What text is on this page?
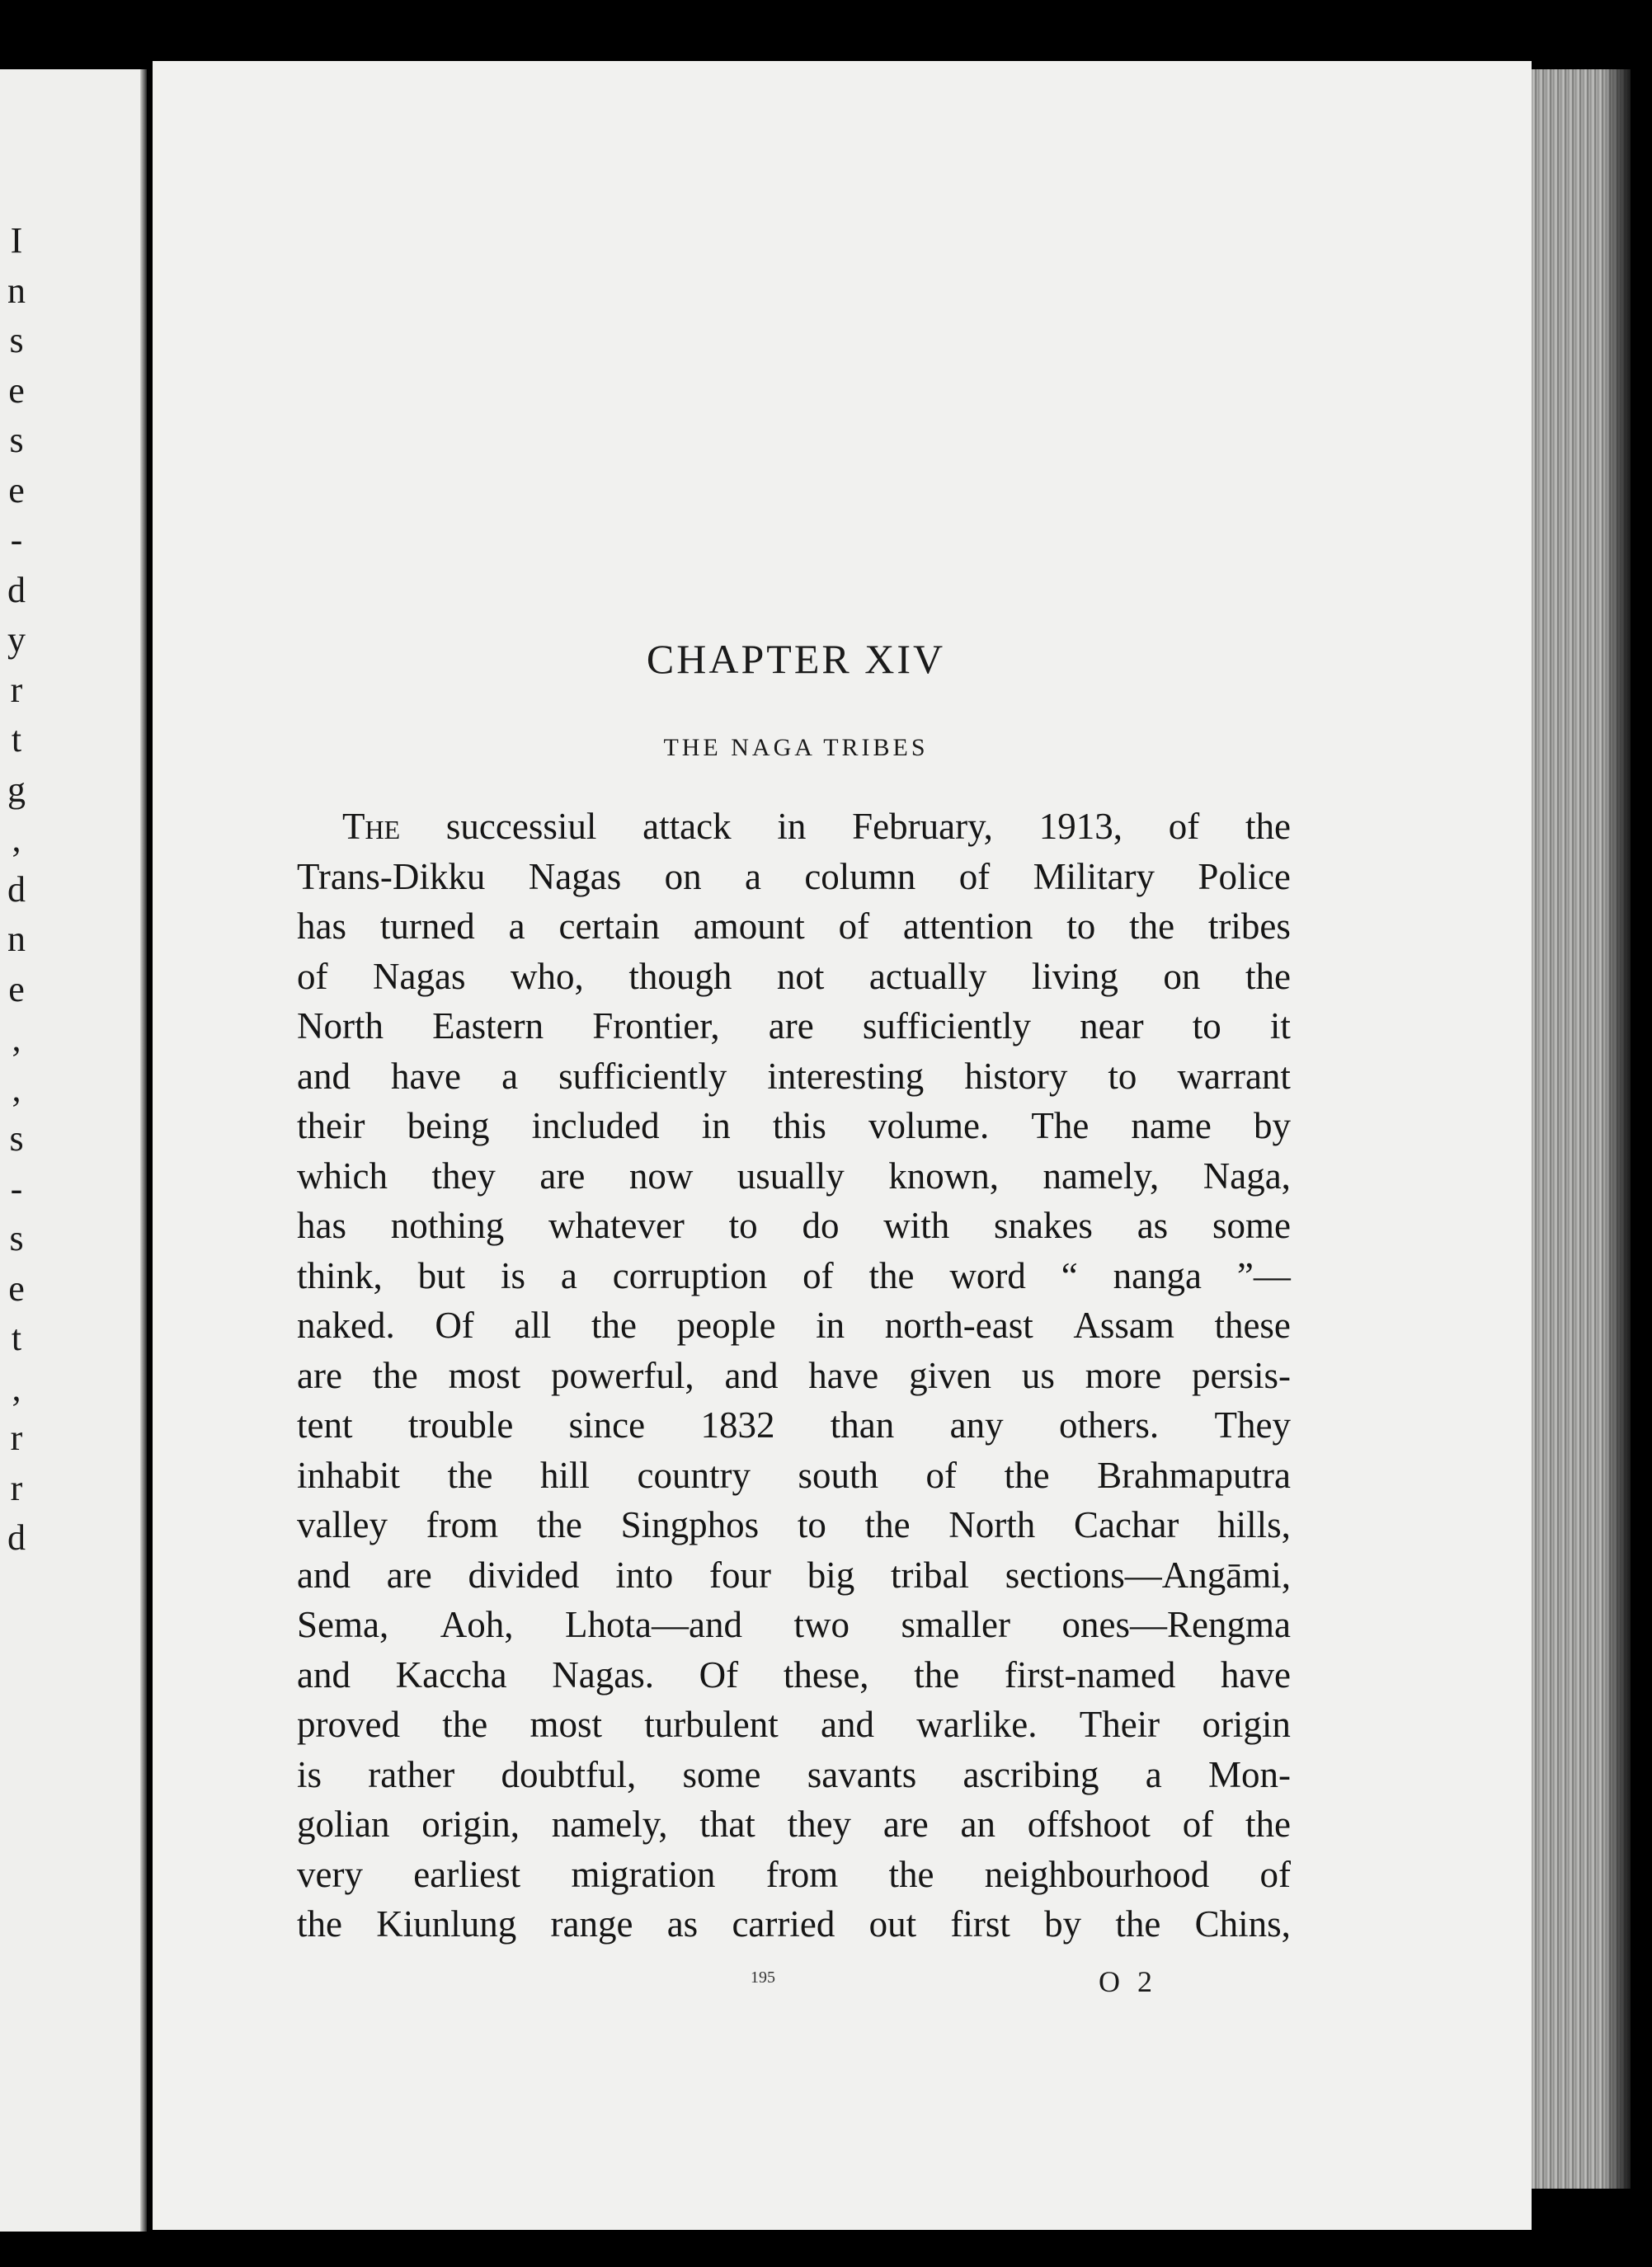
I
n
s
e
s
e
-
d
y
r
t
g
,
d
n
e
,
,
s
-
s
e
t
,
r
r
d
CHAPTER XIV
THE NAGA TRIBES
The successiul attack in February, 1913, of the
Trans-Dikku Nagas on a column of Military Police
has turned a certain amount of attention to the tribes
of Nagas who, though not actually living on the
North Eastern Frontier, are sufficiently near to it
and have a sufficiently interesting history to warrant
their being included in this volume. The name by
which they are now usually known, namely, Naga,
has nothing whatever to do with snakes as some
think, but is a corruption of the word “ nanga ”—
naked. Of all the people in north-east Assam these
are the most powerful, and have given us more persis-
tent trouble since 1832 than any others. They
inhabit the hill country south of the Brahmaputra
valley from the Singphos to the North Cachar hills,
and are divided into four big tribal sections—Angāmi,
Sema, Aoh, Lhota—and two smaller ones—Rengma
and Kaccha Nagas. Of these, the first-named have
proved the most turbulent and warlike. Their origin
is rather doubtful, some savants ascribing a Mon-
golian origin, namely, that they are an offshoot of the
very earliest migration from the neighbourhood of
the Kiunlung range as carried out first by the Chins,
195	O 2
